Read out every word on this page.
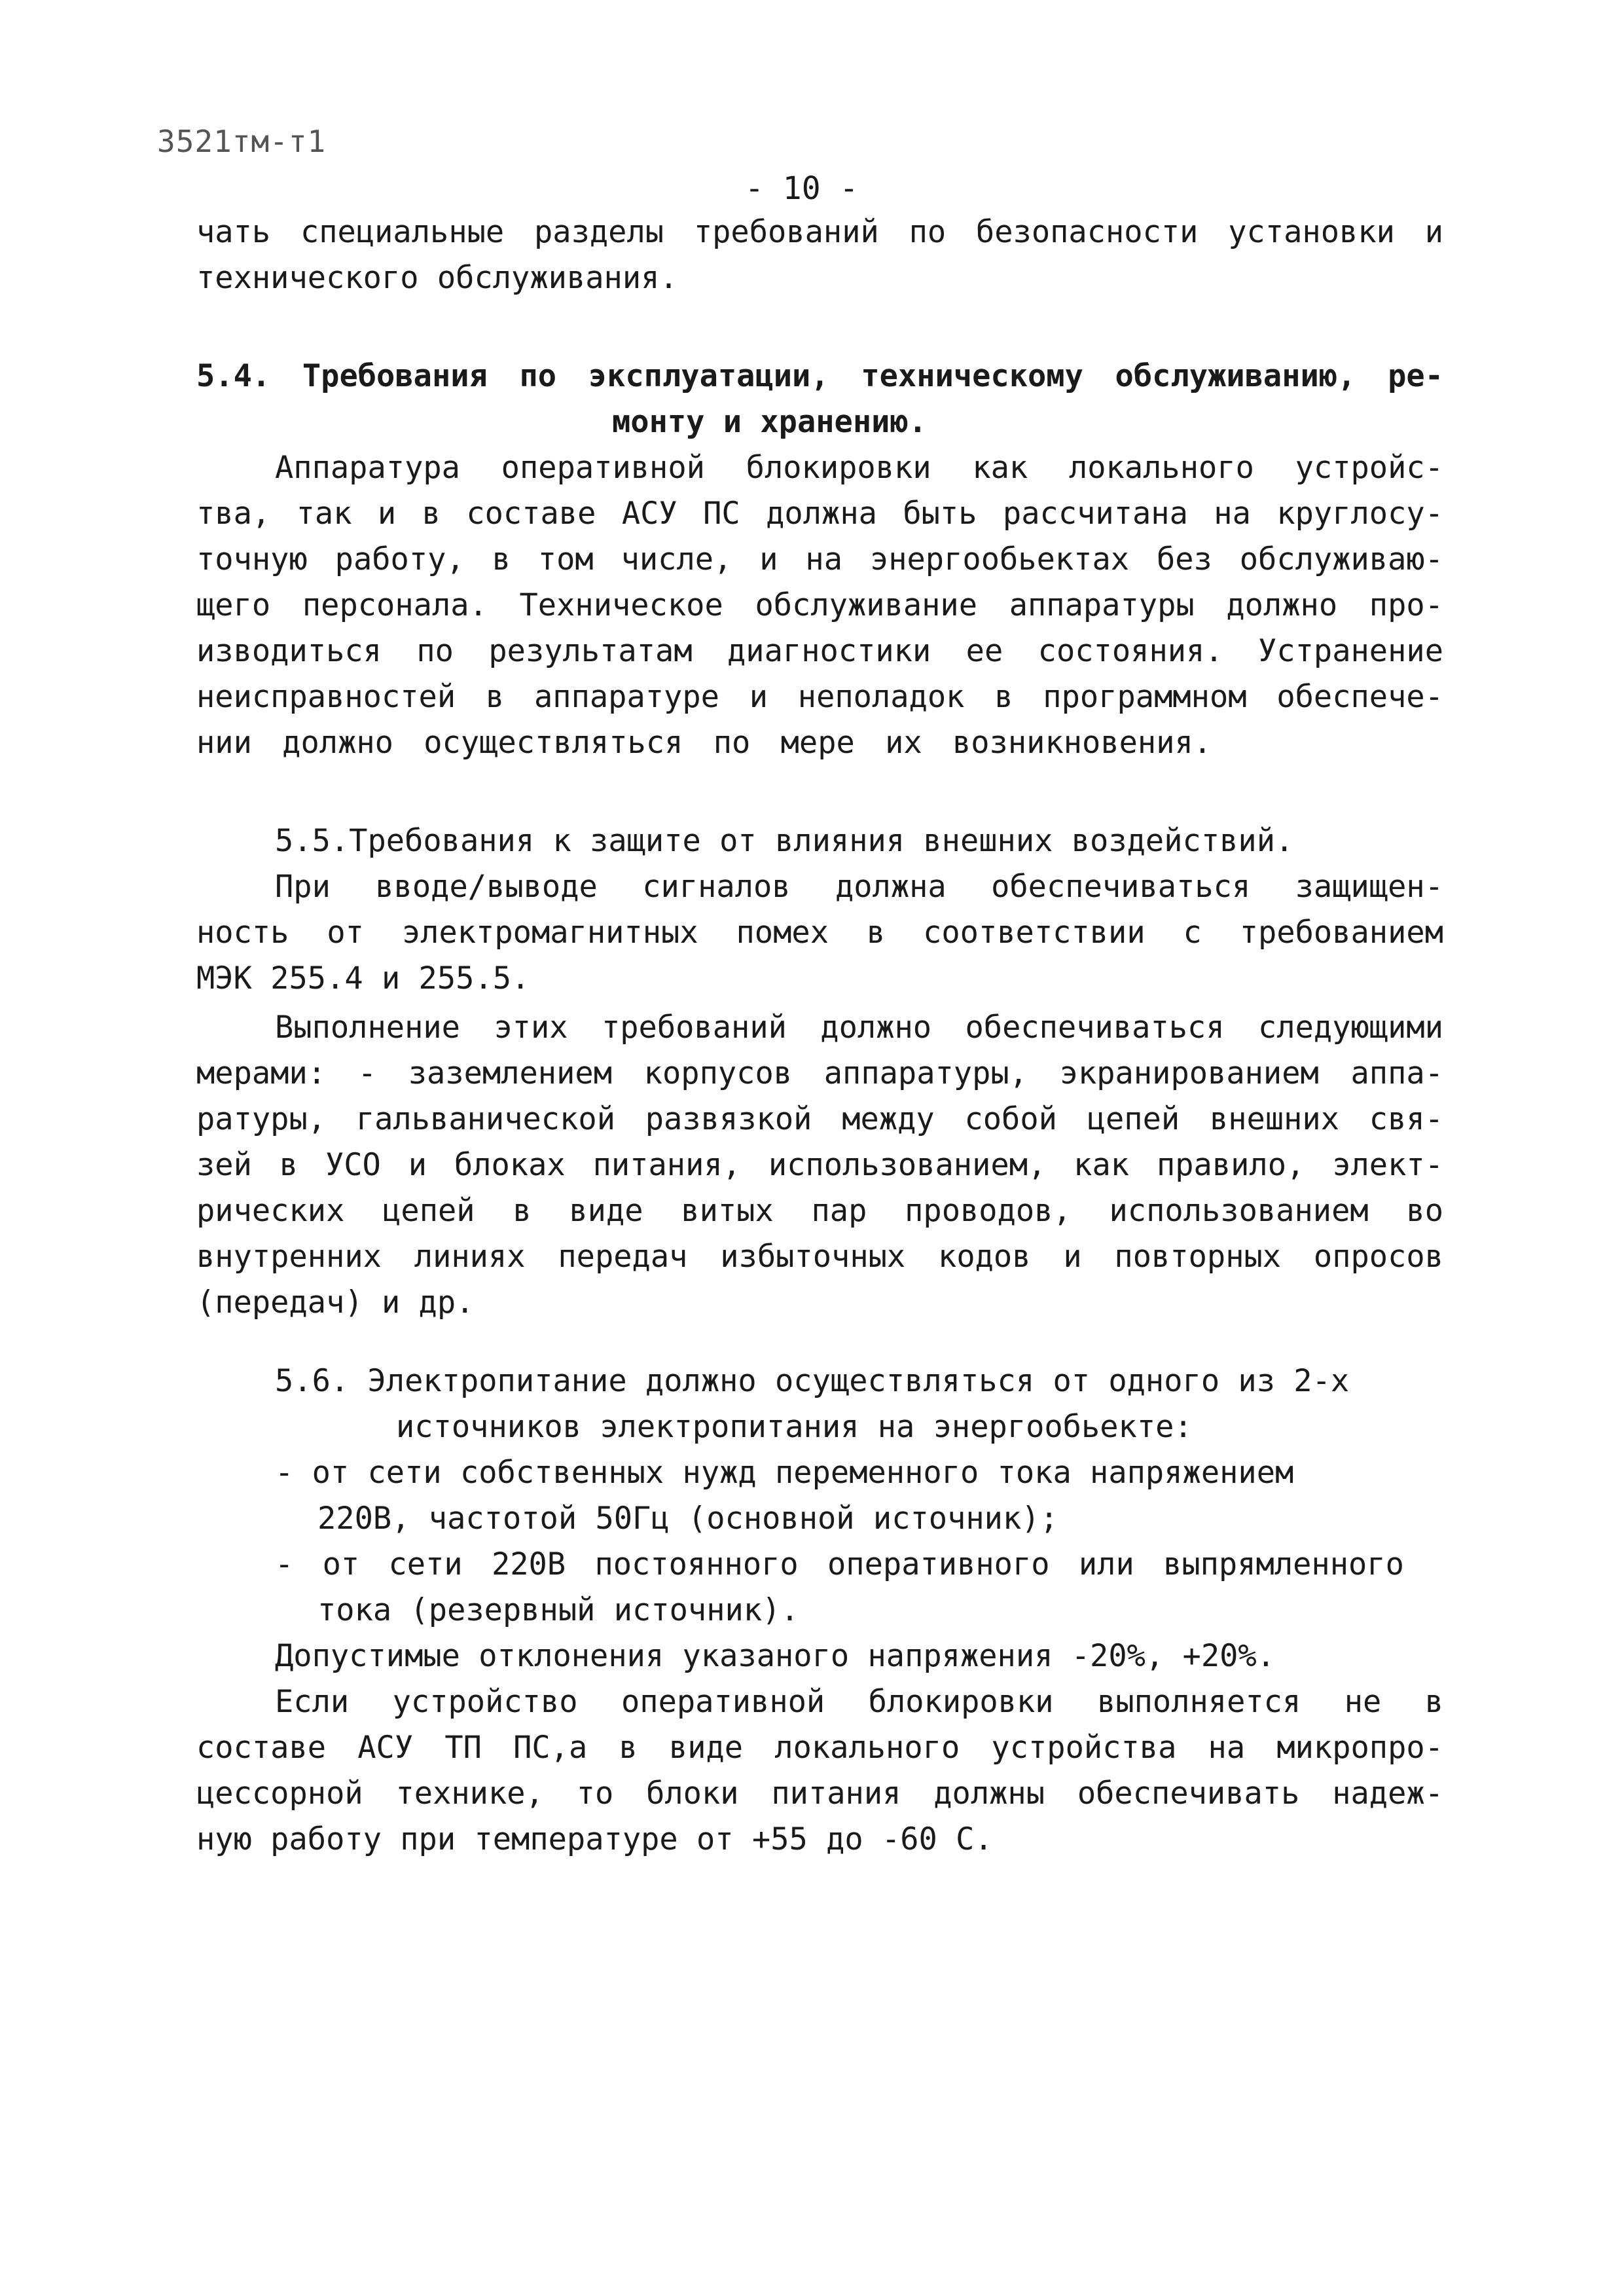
3521тм-т1

- 10 -

чать специальные разделы требований по безопасности установки и

технического обслуживания.

5.4. Требования по эксплуатации, техническому обслуживанию, ре-

монту и хранению.

Аппаратура оперативной блокировки как локального устройс-

тва, так и в составе АСУ ПС должна быть рассчитана на круглосу-

точную работу, в том числе, и на энергообьектах без обслуживаю-

щего персонала. Техническое обслуживание аппаратуры должно про-

изводиться по результатам диагностики ее состояния. Устранение

неисправностей в аппаратуре и неполадок в программном обеспече-

нии должно осуществляться по мере их возникновения.

5.5.Требования к защите от влияния внешних воздействий.

При вводе/выводе сигналов должна обеспечиваться защищен-

ность от электромагнитных помех в соответствии с требованием

МЭК 255.4 и 255.5.

Выполнение этих требований должно обеспечиваться следующими

мерами: - заземлением корпусов аппаратуры, экранированием аппа-

ратуры, гальванической развязкой между собой цепей внешних свя-

зей в УСО и блоках питания, использованием, как правило, элект-

рических цепей в виде витых пар проводов, использованием во

внутренних линиях передач избыточных кодов и повторных опросов

(передач) и др.

5.6. Электропитание должно осуществляться от одного из 2-х

источников электропитания на энергообьекте:

- от сети собственных нужд переменного тока напряжением

220В, частотой 50Гц (основной источник);

- от сети 220В постоянного оперативного или выпрямленного

тока (резервный источник).

Допустимые отклонения указаного напряжения -20%, +20%.

Если устройство оперативной блокировки выполняется не в

составе АСУ ТП ПС,а в виде локального устройства на микропро-

цессорной технике, то блоки питания должны обеспечивать надеж-

ную работу при температуре от +55 до -60 С.
